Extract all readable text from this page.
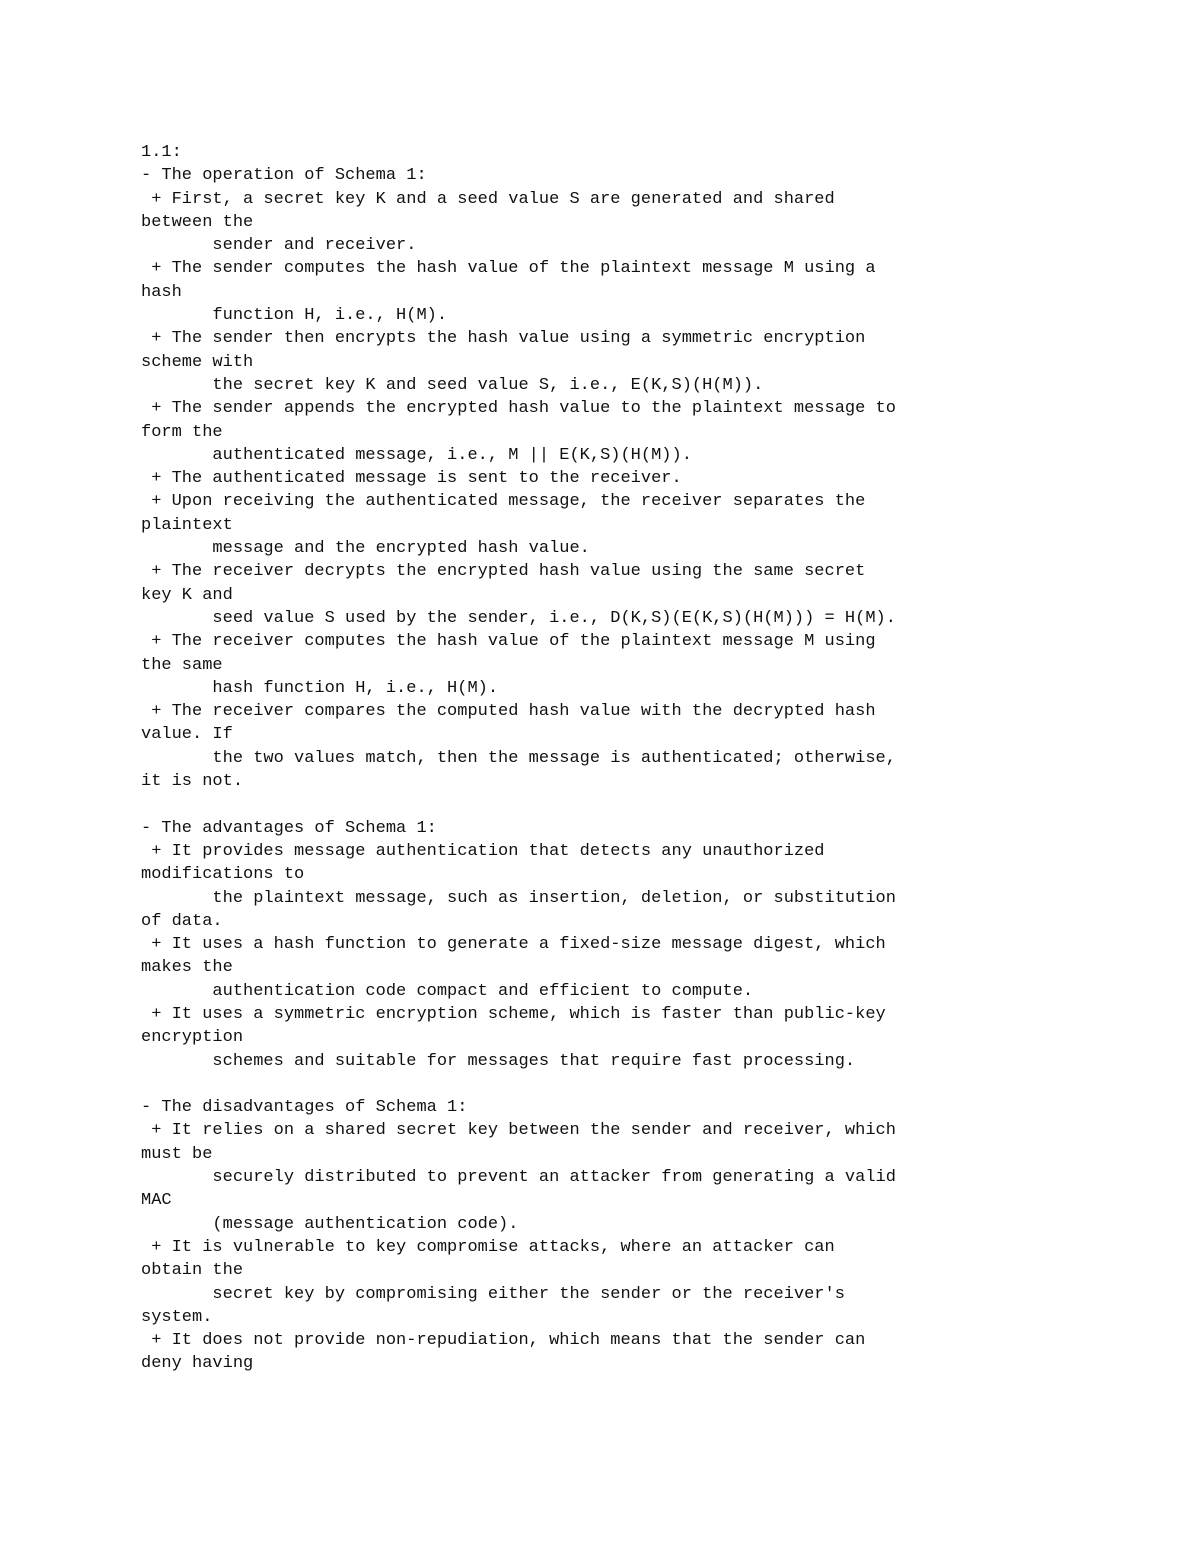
1.1:
- The operation of Schema 1:
+ First, a secret key K and a seed value S are generated and shared
between the
sender and receiver.
+ The sender computes the hash value of the plaintext message M using a
hash
function H, i.e., H(M).
+ The sender then encrypts the hash value using a symmetric encryption
scheme with
the secret key K and seed value S, i.e., E(K,S)(H(M)).
+ The sender appends the encrypted hash value to the plaintext message to
form the
authenticated message, i.e., M || E(K,S)(H(M)).
+ The authenticated message is sent to the receiver.
+ Upon receiving the authenticated message, the receiver separates the
plaintext
message and the encrypted hash value.
+ The receiver decrypts the encrypted hash value using the same secret
key K and
seed value S used by the sender, i.e., D(K,S)(E(K,S)(H(M))) = H(M).
+ The receiver computes the hash value of the plaintext message M using
the same
hash function H, i.e., H(M).
+ The receiver compares the computed hash value with the decrypted hash
value. If
the two values match, then the message is authenticated; otherwise,
it is not.
- The advantages of Schema 1:
+ It provides message authentication that detects any unauthorized
modifications to
the plaintext message, such as insertion, deletion, or substitution
of data.
+ It uses a hash function to generate a fixed-size message digest, which
makes the
authentication code compact and efficient to compute.
+ It uses a symmetric encryption scheme, which is faster than public-key
encryption
schemes and suitable for messages that require fast processing.
- The disadvantages of Schema 1:
+ It relies on a shared secret key between the sender and receiver, which
must be
securely distributed to prevent an attacker from generating a valid
MAC
(message authentication code).
+ It is vulnerable to key compromise attacks, where an attacker can
obtain the
secret key by compromising either the sender or the receiver's
system.
+ It does not provide non-repudiation, which means that the sender can
deny having
